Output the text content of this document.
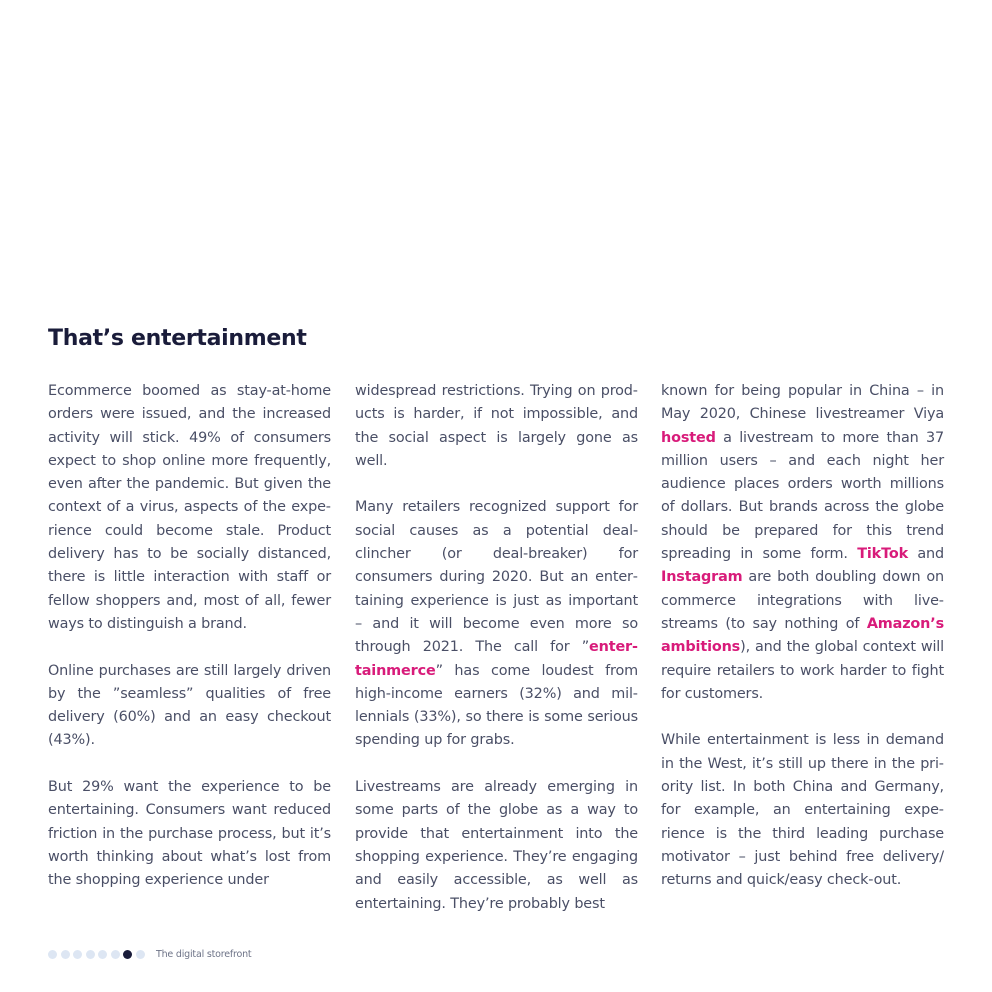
That’s entertainment

Ecommerce boomed as stay-at-home orders were issued, and the increased activity will stick. 49% of consumers expect to shop online more frequently, even after the pandemic. But given the context of a virus, aspects of the experience could become stale. Product delivery has to be socially distanced, there is little interaction with staff or fellow shoppers and, most of all, fewer ways to distinguish a brand.

Online purchases are still largely driven by the ”seamless” qualities of free delivery (60%) and an easy checkout (43%).

But 29% want the experience to be entertaining. Consumers want reduced friction in the purchase process, but it’s worth thinking about what’s lost from the shopping experience under

widespread restrictions. Trying on products is harder, if not impossible, and the social aspect is largely gone as well.

Many retailers recognized support for social causes as a potential deal-clincher (or deal-breaker) for consumers during 2020. But an entertaining experience is just as important – and it will become even more so through 2021. The call for ”entertainmerce” has come loudest from high-income earners (32%) and millennials (33%), so there is some serious spending up for grabs.

Livestreams are already emerging in some parts of the globe as a way to provide that entertainment into the shopping experience. They’re engaging and easily accessible, as well as entertaining. They’re probably best

known for being popular in China – in May 2020, Chinese livestreamer Viya hosted a livestream to more than 37 million users – and each night her audience places orders worth millions of dollars. But brands across the globe should be prepared for this trend spreading in some form. TikTok and Instagram are both doubling down on commerce integrations with livestreams (to say nothing of Amazon’s ambitions), and the global context will require retailers to work harder to fight for customers.

While entertainment is less in demand in the West, it’s still up there in the priority list. In both China and Germany, for example, an entertaining experience is the third leading purchase motivator – just behind free delivery/ returns and quick/easy check-out.

The digital storefront
